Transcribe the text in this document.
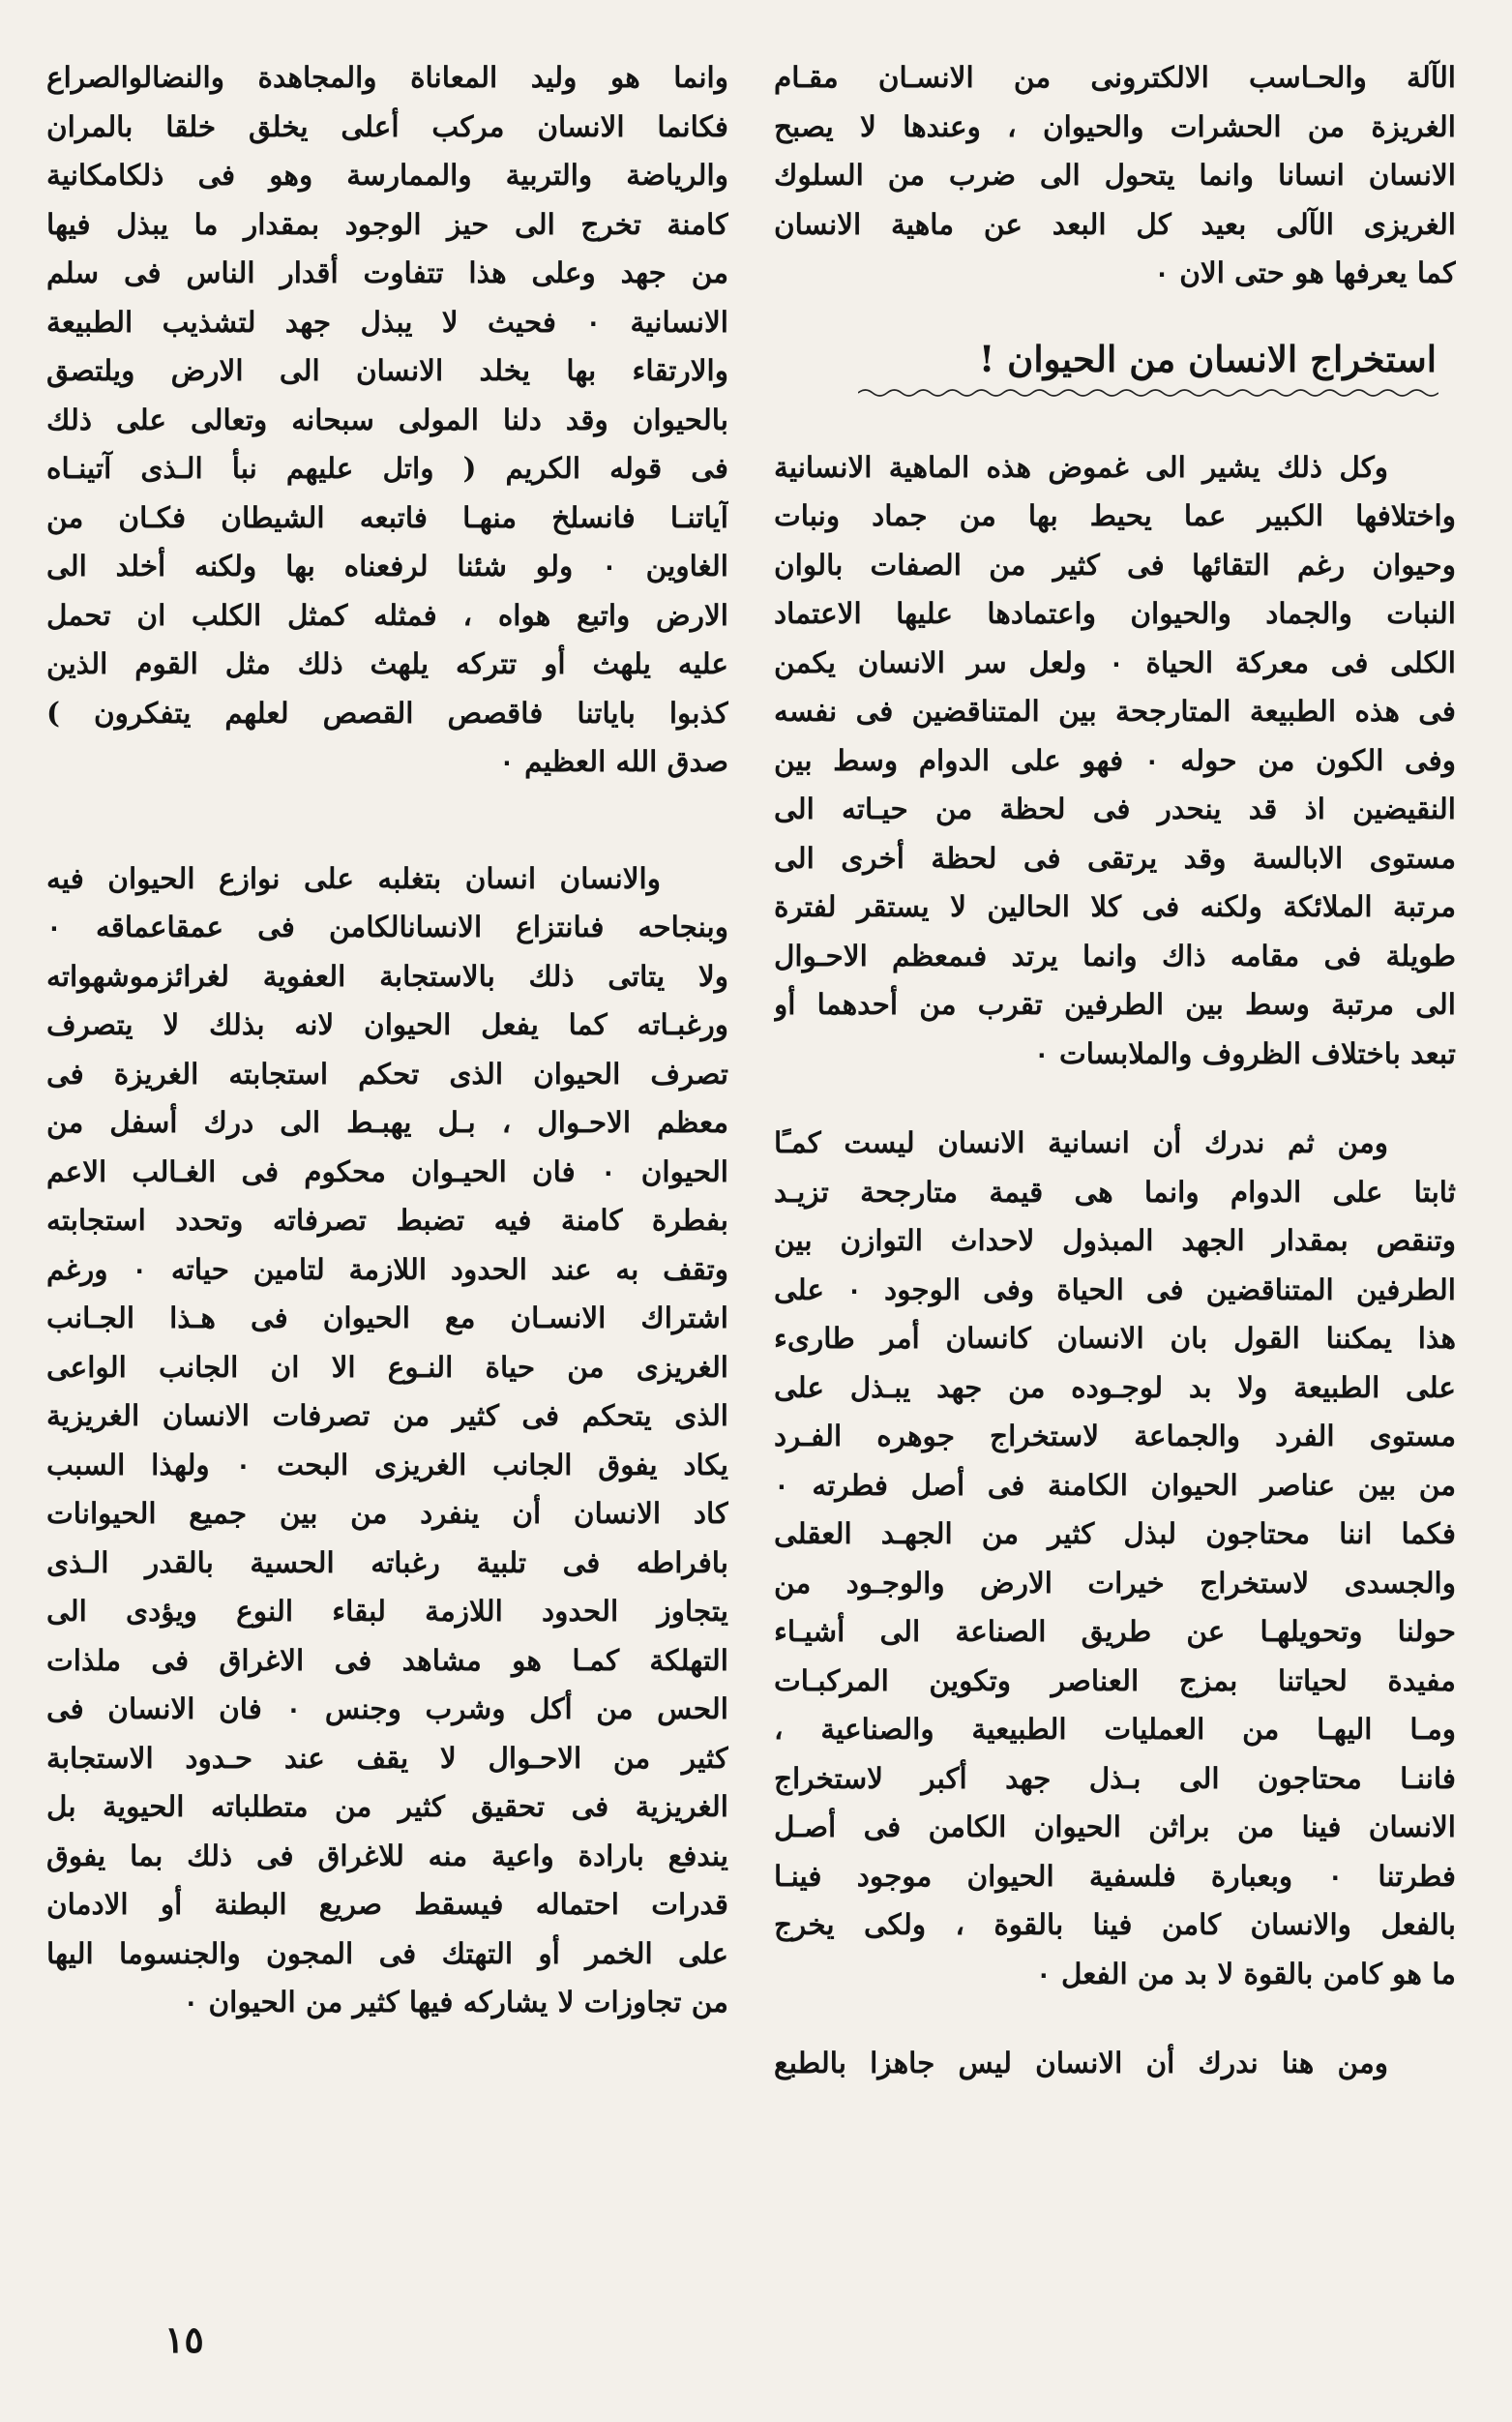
الآلة والحـاسب الالكترونى من الانسـان مقـام
الغريزة من الحشرات والحيوان ، وعندها لا يصبح
الانسان انسانا وانما يتحول الى ضرب من السلوك
الغريزى الآلى بعيد كل البعد عن ماهية الانسان
كما يعرفها هو حتى الان ٠
استخراج الانسان من الحيوان !
وكل ذلك يشير الى غموض هذه الماهية الانسانية
واختلافها الكبير عما يحيط بها من جماد ونبات
وحيوان رغم التقائها فى كثير من الصفات بالوان
النبات والجماد والحيوان واعتمادها عليها الاعتماد
الكلى فى معركة الحياة ٠ ولعل سر الانسان يكمن
فى هذه الطبيعة المتارجحة بين المتناقضين فى نفسه
وفى الكون من حوله ٠ فهو على الدوام وسط بين
النقيضين اذ قد ينحدر فى لحظة من حيـاته الى
مستوى الابالسة وقد يرتقى فى لحظة أخرى الى
مرتبة الملائكة ولكنه فى كلا الحالين لا يستقر لفترة
طويلة فى مقامه ذاك وانما يرتد فىمعظم الاحـوال
الى مرتبة وسط بين الطرفين تقرب من أحدهما أو
تبعد باختلاف الظروف والملابسات ٠
ومن ثم ندرك أن انسانية الانسان ليست كمـًا
ثابتا على الدوام وانما هى قيمة متارجحة تزيـد
وتنقص بمقدار الجهد المبذول لاحداث التوازن بين
الطرفين المتناقضين فى الحياة وفى الوجود ٠ على
هذا يمكننا القول بان الانسان كانسان أمر طارىء
على الطبيعة ولا بد لوجـوده من جهد يبـذل على
مستوى الفرد والجماعة لاستخراج جوهره الفـرد
من بين عناصر الحيوان الكامنة فى أصل فطرته ٠
فكما اننا محتاجون لبذل كثير من الجهـد العقلى
والجسدى لاستخراج خيرات الارض والوجـود من
حولنا وتحويلهـا عن طريق الصناعة الى أشيـاء
مفيدة لحياتنا بمزج العناصر وتكوين المركبـات
ومـا اليهـا من العمليات الطبيعية والصناعية ،
فاننـا محتاجون الى بـذل جهد أكبر لاستخراج
الانسان فينا من براثن الحيوان الكامن فى أصـل
فطرتنا ٠ وبعبارة فلسفية الحيوان موجود فينـا
بالفعل والانسان كامن فينا بالقوة ، ولكى يخرج
ما هو كامن بالقوة لا بد من الفعل ٠
ومن هنا ندرك أن الانسان ليس جاهزا بالطبع
وانما هو وليد المعاناة والمجاهدة والنضالوالصراع
فكانما الانسان مركب أعلى يخلق خلقا بالمران
والرياضة والتربية والممارسة وهو فى ذلكامكانية
كامنة تخرج الى حيز الوجود بمقدار ما يبذل فيها
من جهد وعلى هذا تتفاوت أقدار الناس فى سلم
الانسانية ٠ فحيث لا يبذل جهد لتشذيب الطبيعة
والارتقاء بها يخلد الانسان الى الارض ويلتصق
بالحيوان وقد دلنا المولى سبحانه وتعالى على ذلك
فى قوله الكريم ( واتل عليهم نبأ الـذى آتينـاه
آياتنـا فانسلخ منهـا فاتبعه الشيطان فكـان من
الغاوين ٠ ولو شئنا لرفعناه بها ولكنه أخلد الى
الارض واتبع هواه ، فمثله كمثل الكلب ان تحمل
عليه يلهث أو تتركه يلهث ذلك مثل القوم الذين
كذبوا باياتنا فاقصص القصص لعلهم يتفكرون )
صدق الله العظيم ٠
والانسان انسان بتغلبه على نوازع الحيوان فيه
وبنجاحه فىانتزاع الانسانالكامن فى عمقاعماقه ٠
ولا يتاتى ذلك بالاستجابة العفوية لغرائزموشهواته
ورغبـاته كما يفعل الحيوان لانه بذلك لا يتصرف
تصرف الحيوان الذى تحكم استجابته الغريزة فى
معظم الاحـوال ، بـل يهبـط الى درك أسفل من
الحيوان ٠ فان الحيـوان محكوم فى الغـالب الاعم
بفطرة كامنة فيه تضبط تصرفاته وتحدد استجابته
وتقف به عند الحدود اللازمة لتامين حياته ٠ ورغم
اشتراك الانسـان مع الحيوان فى هـذا الجـانب
الغريزى من حياة النـوع الا ان الجانب الواعى
الذى يتحكم فى كثير من تصرفات الانسان الغريزية
يكاد يفوق الجانب الغريزى البحت ٠ ولهذا السبب
كاد الانسان أن ينفرد من بين جميع الحيوانات
بافراطه فى تلبية رغباته الحسية بالقدر الـذى
يتجاوز الحدود اللازمة لبقاء النوع ويؤدى الى
التهلكة كمـا هو مشاهد فى الاغراق فى ملذات
الحس من أكل وشرب وجنس ٠ فان الانسان فى
كثير من الاحـوال لا يقف عند حـدود الاستجابة
الغريزية فى تحقيق كثير من متطلباته الحيوية بل
يندفع بارادة واعية منه للاغراق فى ذلك بما يفوق
قدرات احتماله فيسقط صريع البطنة أو الادمان
على الخمر أو التهتك فى المجون والجنسوما اليها
من تجاوزات لا يشاركه فيها كثير من الحيوان ٠
١٥
